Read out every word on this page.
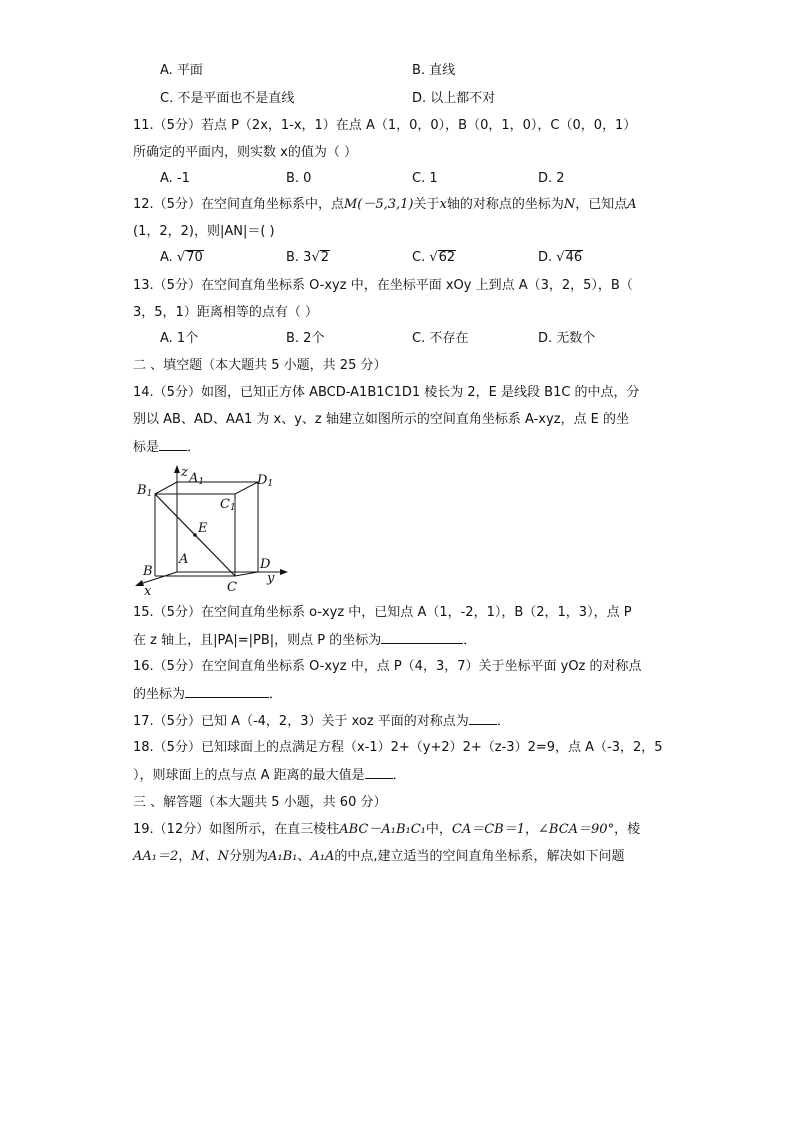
A. 平面	B. 直线
C. 不是平面也不是直线	D. 以上都不对
11.（5分）若点 P（2x，1-x，1）在点 A（1，0，0），B（0，1，0），C（0，0，1）
所确定的平面内，则实数 x的值为（ ）
A. -1	B. 0	C. 1	D. 2
12.（5分）在空间直角坐标系中，点M(－5,3,1)关于x轴的对称点的坐标为N，已知点A
(1，2，2)，则|AN|＝( )
A. √70	B. 3√2	C. √62	D. √46
13.（5分）在空间直角坐标系 O-xyz 中，在坐标平面 xOy 上到点 A（3，2，5），B（
3，5，1）距离相等的点有（ ）
A. 1个	B. 2个	C. 不存在	D. 无数个
二 、填空题（本大题共 5 小题，共 25 分）
14.（5分）如图，已知正方体 ABCD-A1B1C1D1 棱长为 2，E 是线段 B1C 的中点，分
别以 AB、AD、AA1 为 x、y、z 轴建立如图所示的空间直角坐标系 A-xyz，点 E 的坐
标是 ．
z A1	D1
B1
C1
E
A
B
C
D
x
y
15.（5分）在空间直角坐标系 o-xyz 中，已知点 A（1，-2，1），B（2，1，3），点 P
在 z 轴上，且|PA|=|PB|，则点 P 的坐标为	．
16.（5分）在空间直角坐标系 O-xyz 中，点 P（4，3，7）关于坐标平面 yOz 的对称点
的坐标为	．
17.（5分）已知 A（-4，2，3）关于 xoz 平面的对称点为 ．
18.（5分）已知球面上的点满足方程（x-1）2+（y+2）2+（z-3）2=9，点 A（-3，2，5
），则球面上的点与点 A 距离的最大值是 ．
三 、解答题（本大题共 5 小题，共 60 分）
19.（12分）如图所示，在直三棱柱ABC－A₁B₁C₁中，CA＝CB＝1，∠BCA＝90°，棱
AA₁＝2，M、N分别为A₁B₁、A₁A的中点,建立适当的空间直角坐标系，解决如下问题
